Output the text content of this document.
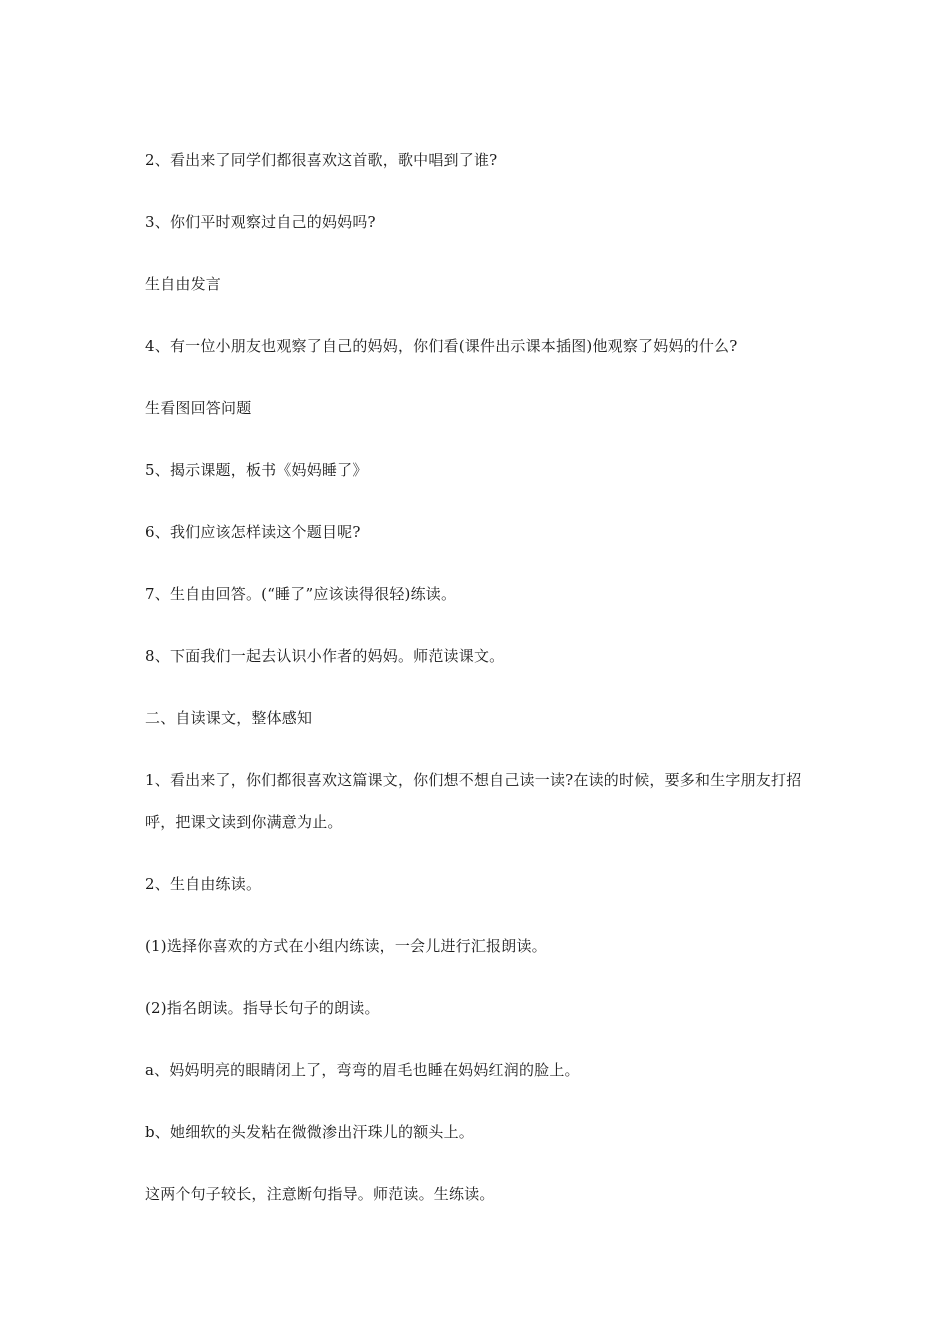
2、看出来了同学们都很喜欢这首歌，歌中唱到了谁?

3、你们平时观察过自己的妈妈吗?

生自由发言

4、有一位小朋友也观察了自己的妈妈，你们看(课件出示课本插图)他观察了妈妈的什么?

生看图回答问题

5、揭示课题，板书《妈妈睡了》

6、我们应该怎样读这个题目呢?

7、生自由回答。(“睡了”应该读得很轻)练读。

8、下面我们一起去认识小作者的妈妈。师范读课文。

二、自读课文，整体感知

1、看出来了，你们都很喜欢这篇课文，你们想不想自己读一读?在读的时候，要多和生字朋友打招呼，把课文读到你满意为止。

2、生自由练读。

(1)选择你喜欢的方式在小组内练读，一会儿进行汇报朗读。

(2)指名朗读。指导长句子的朗读。

a、妈妈明亮的眼睛闭上了，弯弯的眉毛也睡在妈妈红润的脸上。

b、她细软的头发粘在微微渗出汗珠儿的额头上。

这两个句子较长，注意断句指导。师范读。生练读。
